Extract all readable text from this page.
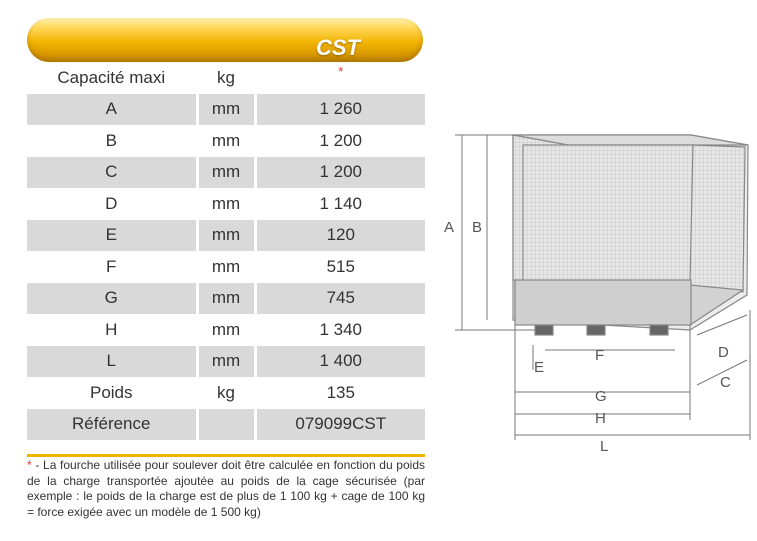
CST
Capacité maxi	kg	*
A	mm	1 260
B	mm	1 200
C	mm	1 200
D	mm	1 140
E	mm	120
F	mm	515
G	mm	745
H	mm	1 340
L	mm	1 400
Poids	kg	135
Référence		079099CST
* - La fourche utilisée pour soulever doit être calculée en fonction du poids de la charge transportée ajoutée au poids de la cage sécurisée (par exemple : le poids de la charge est de plus de 1 100 kg + cage de 100 kg = force exigée avec un modèle de 1 500 kg)
A B
D
C
E
F
G
H
L
